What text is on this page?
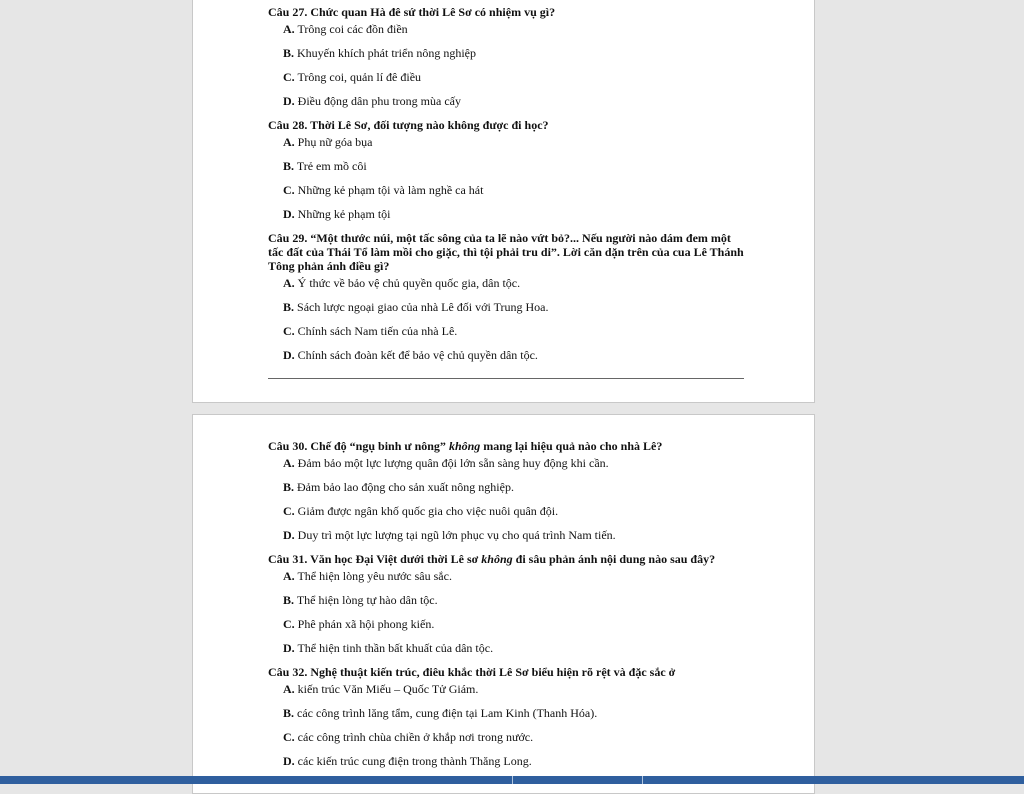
Câu 27. Chức quan Hà đê sứ thời Lê Sơ có nhiệm vụ gì?

A. Trông coi các đồn điền

B. Khuyến khích phát triển nông nghiệp

C. Trông coi, quản lí đê điều

D. Điều động dân phu trong mùa cấy

Câu 28. Thời Lê Sơ, đối tượng nào không được đi học?

A. Phụ nữ góa bụa

B. Trẻ em mồ côi

C. Những kẻ phạm tội và làm nghề ca hát

D. Những kẻ phạm tội

Câu 29. “Một thước núi, một tấc sông của ta lẽ nào vứt bỏ?... Nếu người nào dám đem một tấc đất của Thái Tổ làm mồi cho giặc, thì tội phải tru di”. Lời căn dặn trên của cua Lê Thánh Tông phản ánh điều gì?

A. Ý thức về bảo vệ chủ quyền quốc gia, dân tộc.

B. Sách lược ngoại giao của nhà Lê đối với Trung Hoa.

C. Chính sách Nam tiến của nhà Lê.

D. Chính sách đoàn kết để bảo vệ chủ quyền dân tộc.

Câu 30. Chế độ “ngụ binh ư nông” không mang lại hiệu quả nào cho nhà Lê?

A. Đảm bảo một lực lượng quân đội lớn sẵn sàng huy động khi cần.

B. Đảm bảo lao động cho sản xuất nông nghiệp.

C. Giảm được ngân khố quốc gia cho việc nuôi quân đội.

D. Duy trì một lực lượng tại ngũ lớn phục vụ cho quá trình Nam tiến.

Câu 31. Văn học Đại Việt dưới thời Lê sơ không đi sâu phản ánh nội dung nào sau đây?

A. Thể hiện lòng yêu nước sâu sắc.

B. Thể hiện lòng tự hào dân tộc.

C. Phê phán xã hội phong kiến.

D. Thể hiện tinh thần bất khuất của dân tộc.

Câu 32. Nghệ thuật kiến trúc, điêu khắc thời Lê Sơ biểu hiện rõ rệt và đặc sắc ở

A. kiến trúc Văn Miếu – Quốc Tử Giám.

B. các công trình lăng tẩm, cung điện tại Lam Kinh (Thanh Hóa).

C. các công trình chùa chiền ở khắp nơi trong nước.

D. các kiến trúc cung điện trong thành Thăng Long.
